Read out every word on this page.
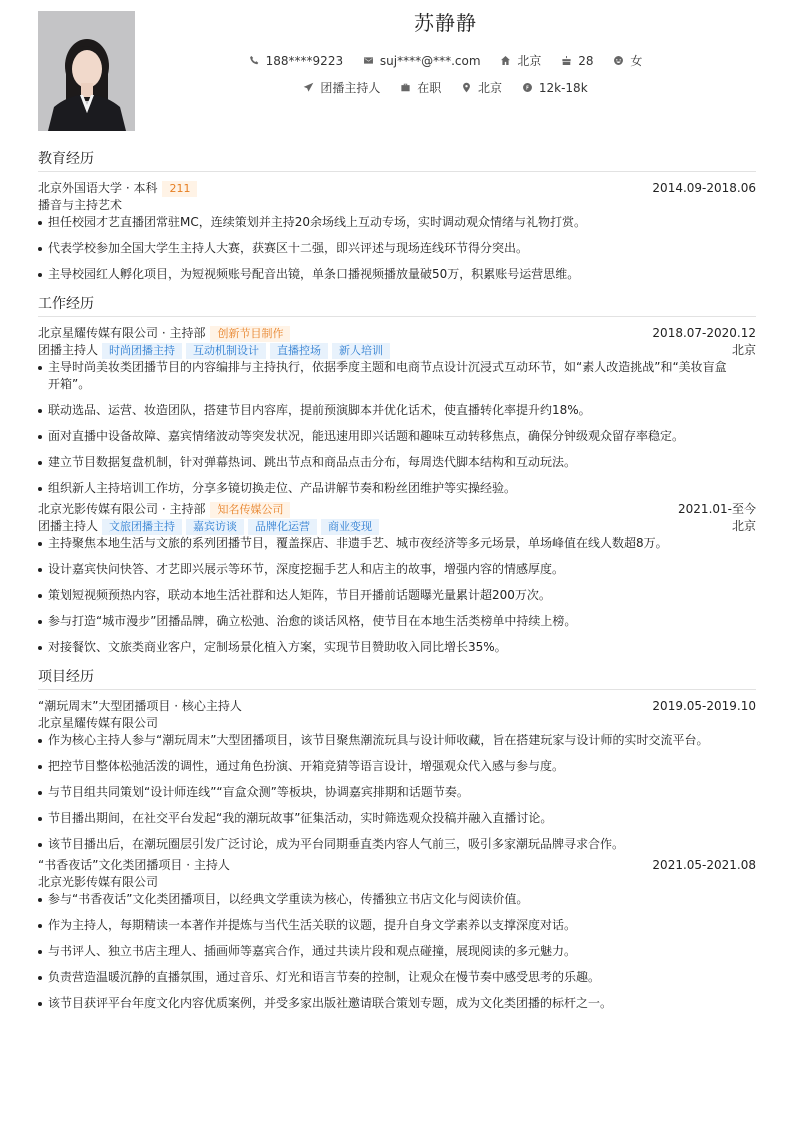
苏静静
188****9223	suj****@***.com	北京	28	女
团播主持人	在职	北京	12k-18k
教育经历
北京外国语大学 · 本科	211	2014.09-2018.06
播音与主持艺术
担任校园才艺直播团常驻MC，连续策划并主持20余场线上互动专场，实时调动观众情绪与礼物打赏。
代表学校参加全国大学生主持人大赛，获赛区十二强，即兴评述与现场连线环节得分突出。
主导校园红人孵化项目，为短视频账号配音出镜，单条口播视频播放量破50万，积累账号运营思维。
工作经历
北京星耀传媒有限公司 · 主持部	创新节目制作	2018.07-2020.12
团播主持人	时尚团播主持	互动机制设计	直播控场	新人培训	北京
主导时尚美妆类团播节目的内容编排与主持执行，依据季度主题和电商节点设计沉浸式互动环节，如“素人改造挑战”和“美妆盲盒开箱”。
联动选品、运营、妆造团队，搭建节目内容库，提前预演脚本并优化话术，使直播转化率提升约18%。
面对直播中设备故障、嘉宾情绪波动等突发状况，能迅速用即兴话题和趣味互动转移焦点，确保分钟级观众留存率稳定。
建立节目数据复盘机制，针对弹幕热词、跳出节点和商品点击分布，每周迭代脚本结构和互动玩法。
组织新人主持培训工作坊，分享多镜切换走位、产品讲解节奏和粉丝团维护等实操经验。
北京光影传媒有限公司 · 主持部	知名传媒公司	2021.01-至今
团播主持人	文旅团播主持	嘉宾访谈	品牌化运营	商业变现	北京
主持聚焦本地生活与文旅的系列团播节目，覆盖探店、非遗手艺、城市夜经济等多元场景，单场峰值在线人数超8万。
设计嘉宾快问快答、才艺即兴展示等环节，深度挖掘手艺人和店主的故事，增强内容的情感厚度。
策划短视频预热内容，联动本地生活社群和达人矩阵，节目开播前话题曝光量累计超200万次。
参与打造“城市漫步”团播品牌，确立松弛、治愈的谈话风格，使节目在本地生活类榜单中持续上榜。
对接餐饮、文旅类商业客户，定制场景化植入方案，实现节目赞助收入同比增长35%。
项目经历
“潮玩周末”大型团播项目 · 核心主持人	2019.05-2019.10
北京星耀传媒有限公司
作为核心主持人参与“潮玩周末”大型团播项目，该节目聚焦潮流玩具与设计师收藏，旨在搭建玩家与设计师的实时交流平台。
把控节目整体松弛活泼的调性，通过角色扮演、开箱竞猜等语言设计，增强观众代入感与参与度。
与节目组共同策划“设计师连线”“盲盒众测”等板块，协调嘉宾排期和话题节奏。
节目播出期间，在社交平台发起“我的潮玩故事”征集活动，实时筛选观众投稿并融入直播讨论。
该节目播出后，在潮玩圈层引发广泛讨论，成为平台同期垂直类内容人气前三，吸引多家潮玩品牌寻求合作。
“书香夜话”文化类团播项目 · 主持人	2021.05-2021.08
北京光影传媒有限公司
参与“书香夜话”文化类团播项目，以经典文学重读为核心，传播独立书店文化与阅读价值。
作为主持人，每期精读一本著作并提炼与当代生活关联的议题，提升自身文学素养以支撑深度对话。
与书评人、独立书店主理人、插画师等嘉宾合作，通过共读片段和观点碰撞，展现阅读的多元魅力。
负责营造温暖沉静的直播氛围，通过音乐、灯光和语言节奏的控制，让观众在慢节奏中感受思考的乐趣。
该节目获评平台年度文化内容优质案例，并受多家出版社邀请联合策划专题，成为文化类团播的标杆之一。
